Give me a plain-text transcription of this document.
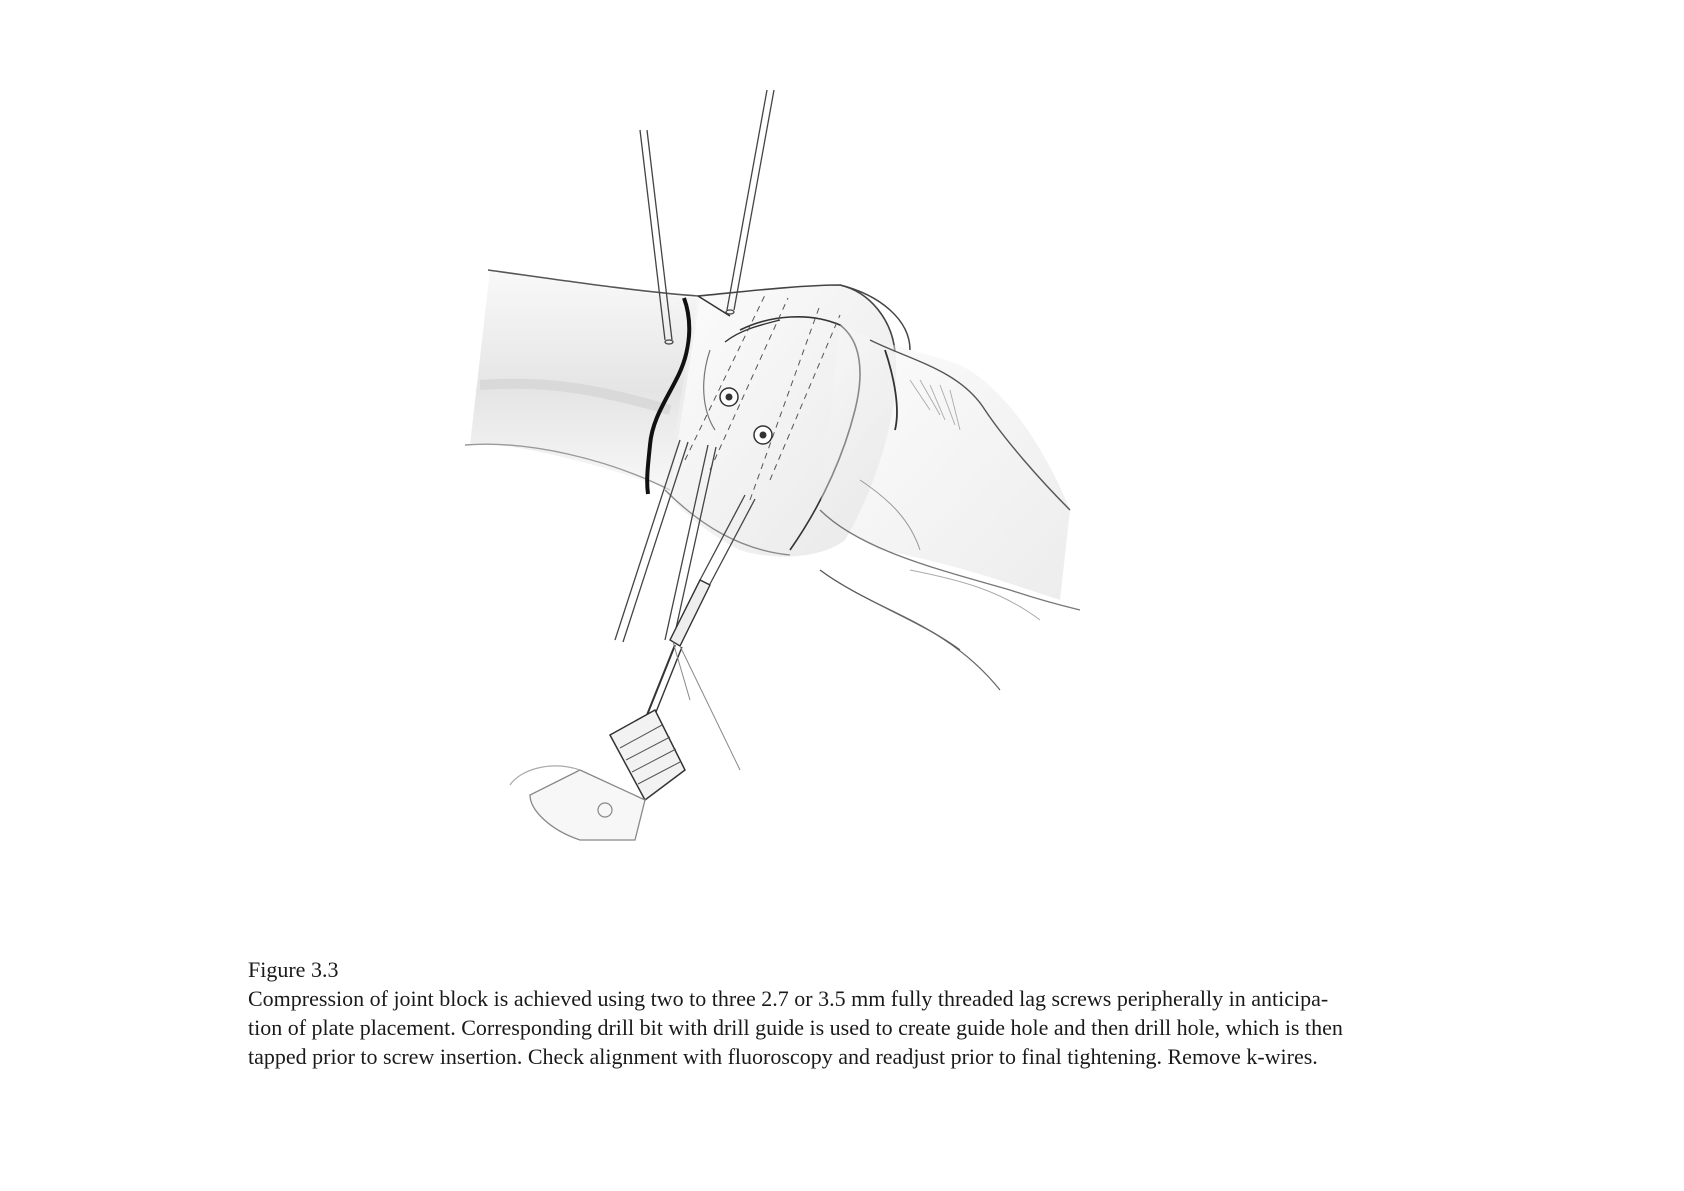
Figure 3.3
Compression of joint block is achieved using two to three 2.7 or 3.5 mm fully threaded lag screws peripherally in anticipa-
tion of plate placement. Corresponding drill bit with drill guide is used to create guide hole and then drill hole, which is then
tapped prior to screw insertion. Check alignment with fluoroscopy and readjust prior to final tightening. Remove k-wires.
